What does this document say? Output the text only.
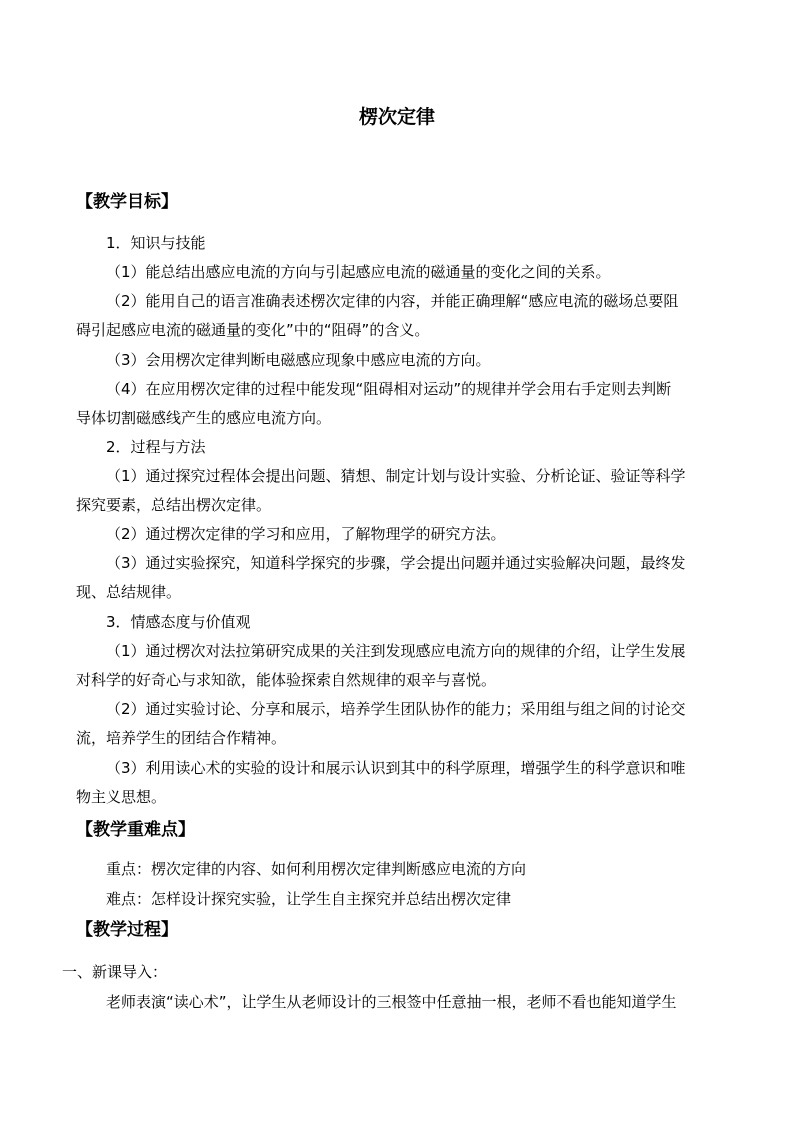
楞次定律
【教学目标】
1．知识与技能
（1）能总结出感应电流的方向与引起感应电流的磁通量的变化之间的关系。
（2）能用自己的语言准确表述楞次定律的内容，并能正确理解“感应电流的磁场总要阻
碍引起感应电流的磁通量的变化”中的“阻碍”的含义。
（3）会用楞次定律判断电磁感应现象中感应电流的方向。
（4）在应用楞次定律的过程中能发现“阻碍相对运动”的规律并学会用右手定则去判断
导体切割磁感线产生的感应电流方向。
2．过程与方法
（1）通过探究过程体会提出问题、猜想、制定计划与设计实验、分析论证、验证等科学
探究要素，总结出楞次定律。
（2）通过楞次定律的学习和应用，了解物理学的研究方法。
（3）通过实验探究，知道科学探究的步骤，学会提出问题并通过实验解决问题，最终发
现、总结规律。
3．情感态度与价值观
（1）通过楞次对法拉第研究成果的关注到发现感应电流方向的规律的介绍，让学生发展
对科学的好奇心与求知欲，能体验探索自然规律的艰辛与喜悦。
（2）通过实验讨论、分享和展示，培养学生团队协作的能力；采用组与组之间的讨论交
流，培养学生的团结合作精神。
（3）利用读心术的实验的设计和展示认识到其中的科学原理，增强学生的科学意识和唯
物主义思想。
【教学重难点】
重点：楞次定律的内容、如何利用楞次定律判断感应电流的方向
难点：怎样设计探究实验，让学生自主探究并总结出楞次定律
【教学过程】
一、新课导入：
老师表演“读心术”，让学生从老师设计的三根签中任意抽一根，老师不看也能知道学生
